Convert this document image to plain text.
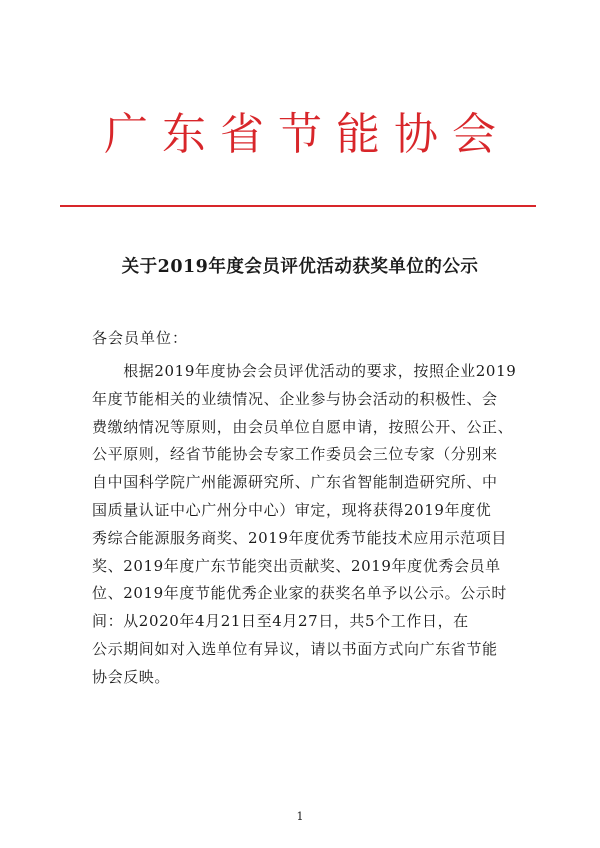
广东省节能协会
关于2019年度会员评优活动获奖单位的公示
各会员单位：
　　根据2019年度协会会员评优活动的要求，按照企业2019
年度节能相关的业绩情况、企业参与协会活动的积极性、会
费缴纳情况等原则，由会员单位自愿申请，按照公开、公正、
公平原则，经省节能协会专家工作委员会三位专家（分别来
自中国科学院广州能源研究所、广东省智能制造研究所、中
国质量认证中心广州分中心）审定，现将获得2019年度优
秀综合能源服务商奖、2019年度优秀节能技术应用示范项目
奖、2019年度广东节能突出贡献奖、2019年度优秀会员单
位、2019年度节能优秀企业家的获奖名单予以公示。公示时
间：从2020年4月21日至4月27日，共5个工作日，在
公示期间如对入选单位有异议，请以书面方式向广东省节能
协会反映。
1
